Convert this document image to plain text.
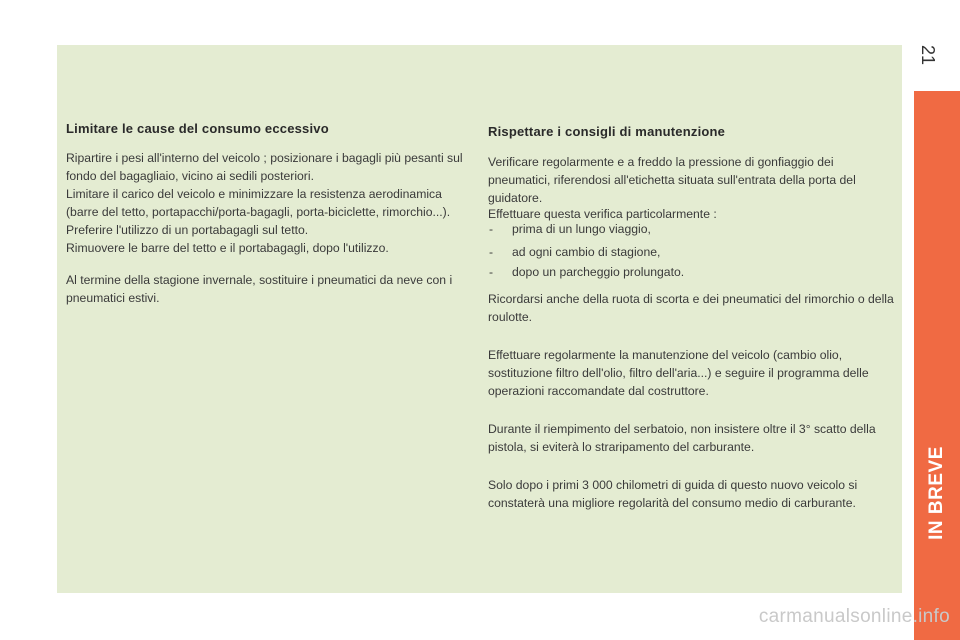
Limitare le cause del consumo eccessivo

Ripartire i pesi all'interno del veicolo ; posizionare i bagagli più pesanti sul fondo del bagagliaio, vicino ai sedili posteriori.

Limitare il carico del veicolo e minimizzare la resistenza aerodinamica (barre del tetto, portapacchi/porta-bagagli, porta-biciclette, rimorchio...). Preferire l'utilizzo di un portabagagli sul tetto.

Rimuovere le barre del tetto e il portabagagli, dopo l'utilizzo.

Al termine della stagione invernale, sostituire i pneumatici da neve con i pneumatici estivi.

Rispettare i consigli di manutenzione

Verificare regolarmente e a freddo la pressione di gonfiaggio dei pneumatici, riferendosi all'etichetta situata sull'entrata della porta del guidatore.

Effettuare questa verifica particolarmente :

- prima di un lungo viaggio,
- ad ogni cambio di stagione,
- dopo un parcheggio prolungato.

Ricordarsi anche della ruota di scorta e dei pneumatici del rimorchio o della roulotte.

Effettuare regolarmente la manutenzione del veicolo (cambio olio, sostituzione filtro dell'olio, filtro dell'aria...) e seguire il programma delle operazioni raccomandate dal costruttore.

Durante il riempimento del serbatoio, non insistere oltre il 3° scatto della pistola, si eviterà lo straripamento del carburante.

Solo dopo i primi 3 000 chilometri di guida di questo nuovo veicolo si constaterà una migliore regolarità del consumo medio di carburante.

21
IN BREVE
carmanualsonline.info
